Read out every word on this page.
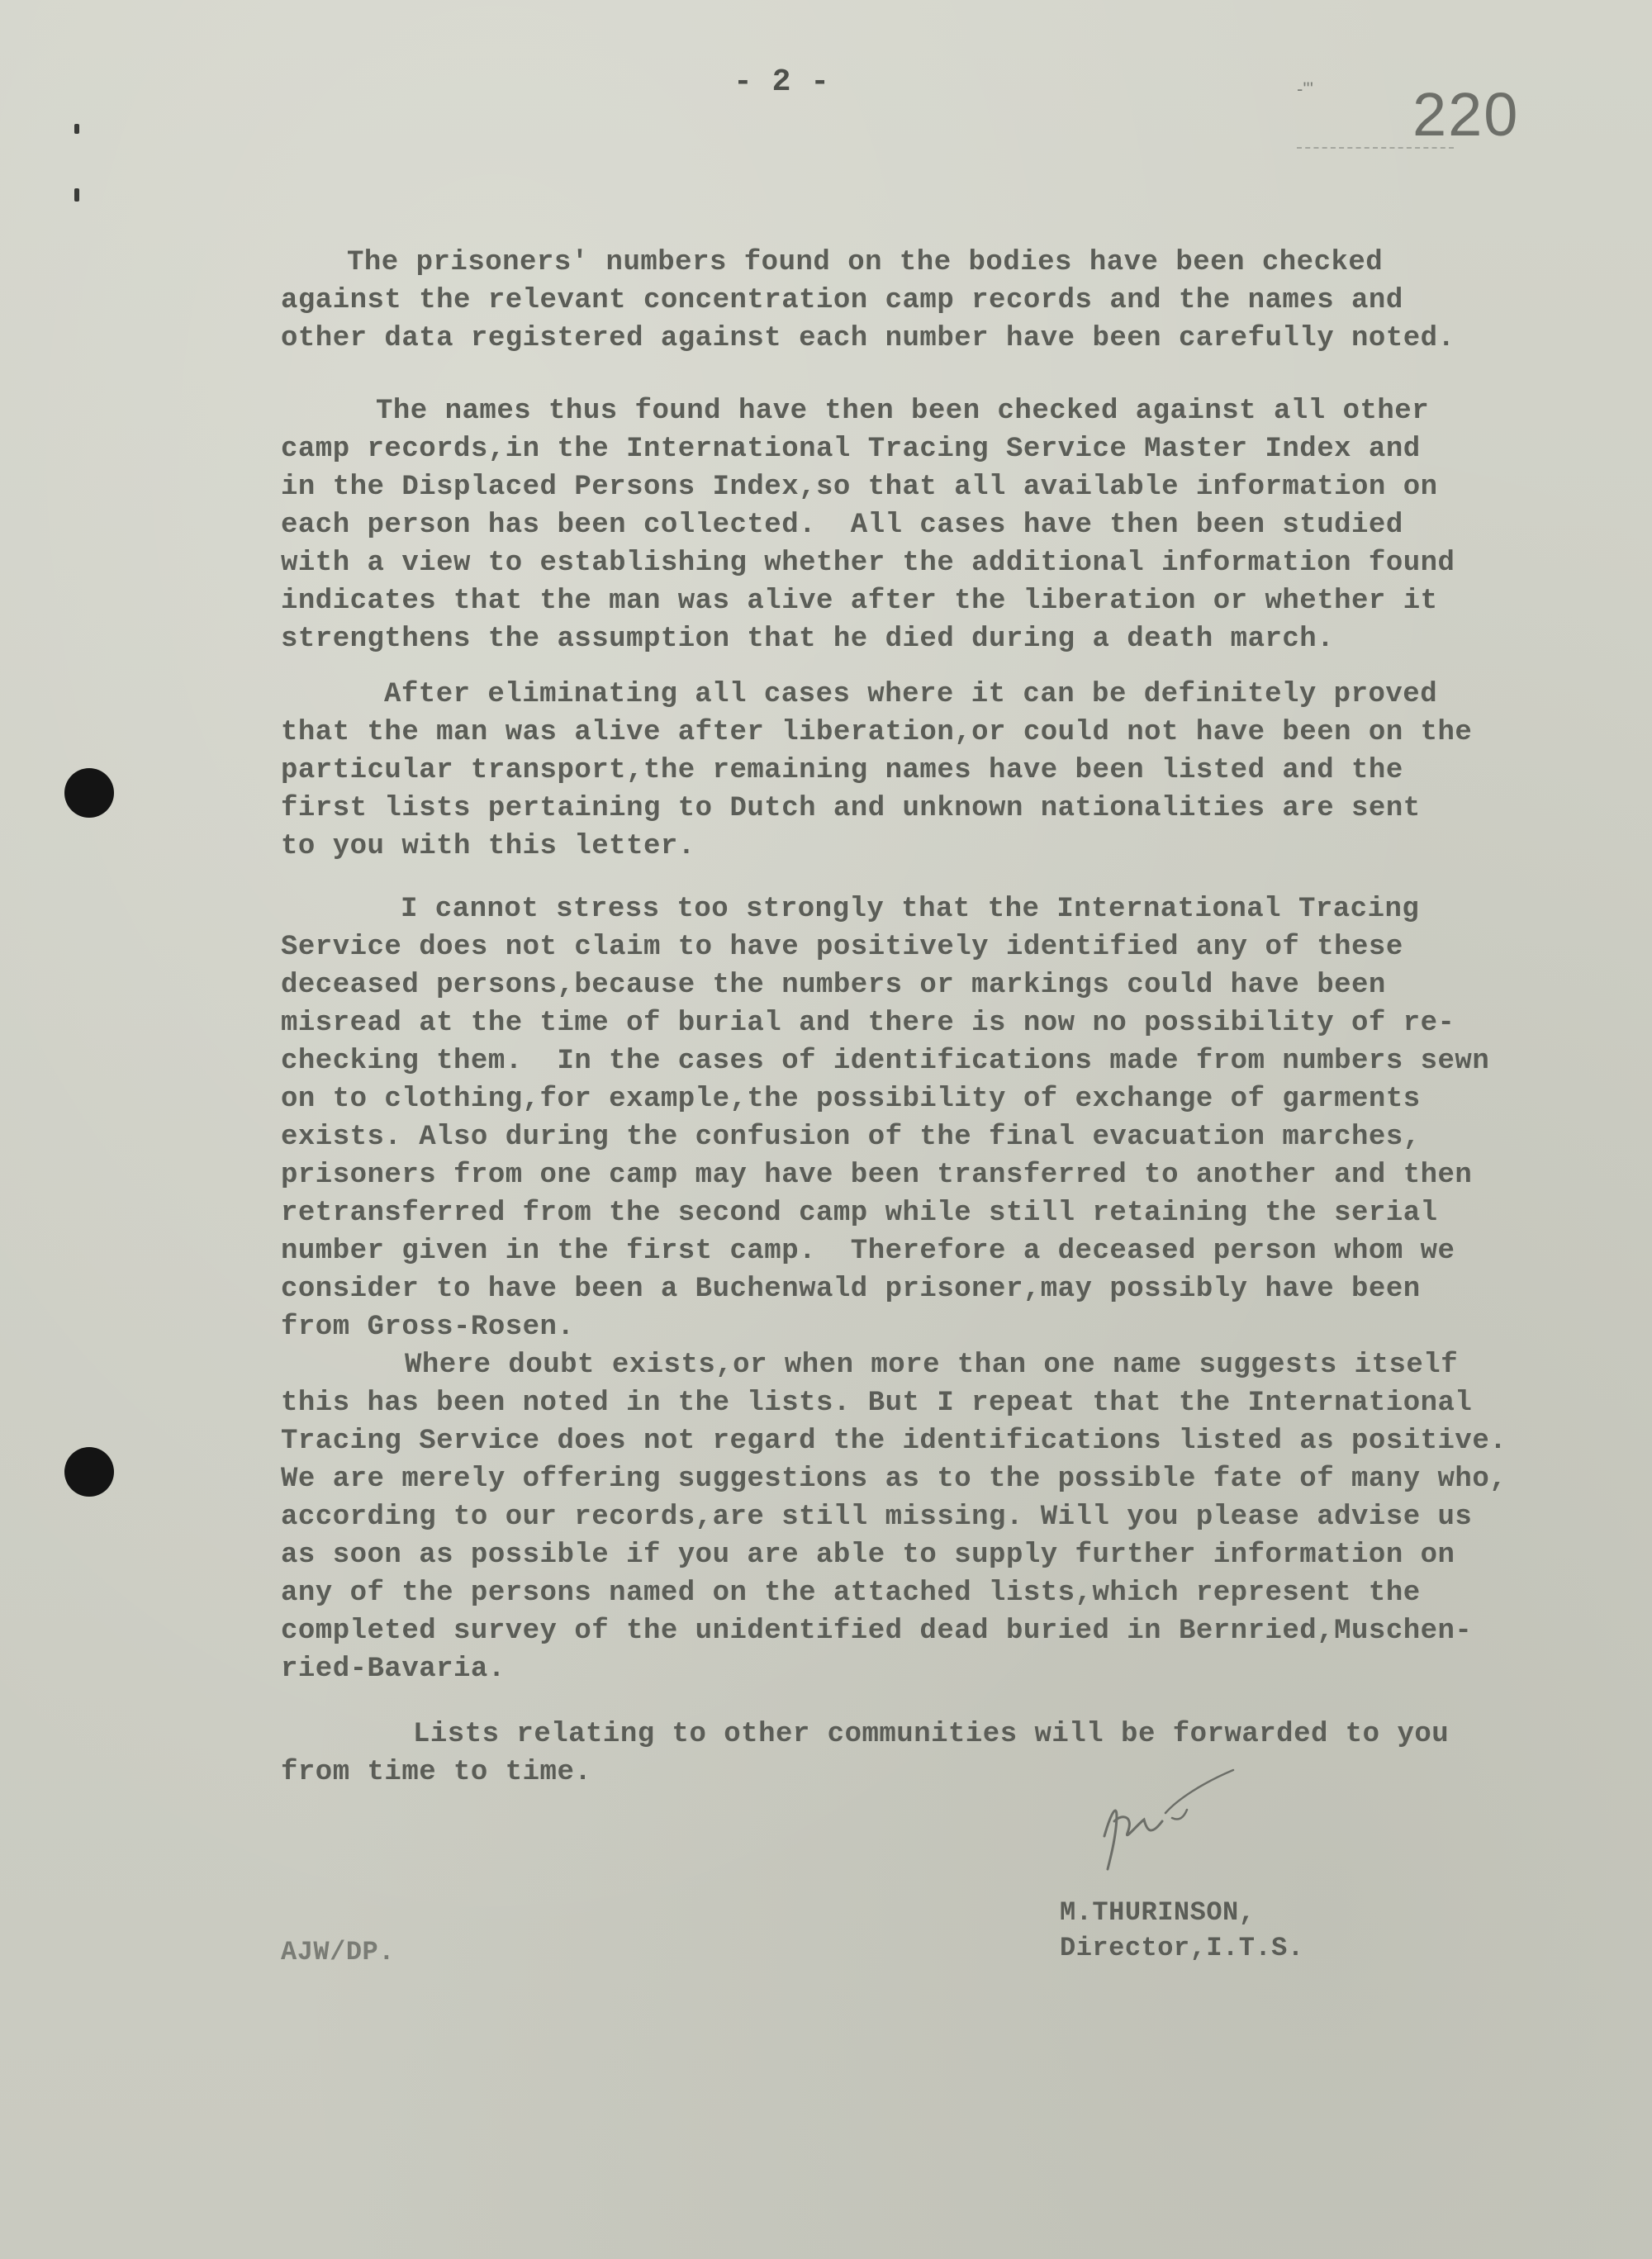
- 2 -	-''' 220
The prisoners' numbers found on the bodies have been checked
against the relevant concentration camp records and the names and
other data registered against each number have been carefully noted.
The names thus found have then been checked against all other
camp records,in the International Tracing Service Master Index and
in the Displaced Persons Index,so that all available information on
each person has been collected.  All cases have then been studied
with a view to establishing whether the additional information found
indicates that the man was alive after the liberation or whether it
strengthens the assumption that he died during a death march.
After eliminating all cases where it can be definitely proved
that the man was alive after liberation,or could not have been on the
particular transport,the remaining names have been listed and the
first lists pertaining to Dutch and unknown nationalities are sent
to you with this letter.
I cannot stress too strongly that the International Tracing
Service does not claim to have positively identified any of these
deceased persons,because the numbers or markings could have been
misread at the time of burial and there is now no possibility of re-
checking them.  In the cases of identifications made from numbers sewn
on to clothing,for example,the possibility of exchange of garments
exists. Also during the confusion of the final evacuation marches,
prisoners from one camp may have been transferred to another and then
retransferred from the second camp while still retaining the serial
number given in the first camp.  Therefore a deceased person whom we
consider to have been a Buchenwald prisoner,may possibly have been
from Gross-Rosen.
Where doubt exists,or when more than one name suggests itself
this has been noted in the lists. But I repeat that the International
Tracing Service does not regard the identifications listed as positive.
We are merely offering suggestions as to the possible fate of many who,
according to our records,are still missing. Will you please advise us
as soon as possible if you are able to supply further information on
any of the persons named on the attached lists,which represent the
completed survey of the unidentified dead buried in Bernried,Muschen-
ried-Bavaria.
Lists relating to other communities will be forwarded to you
from time to time.
M.THURINSON,
Director,I.T.S.
AJW/DP.
